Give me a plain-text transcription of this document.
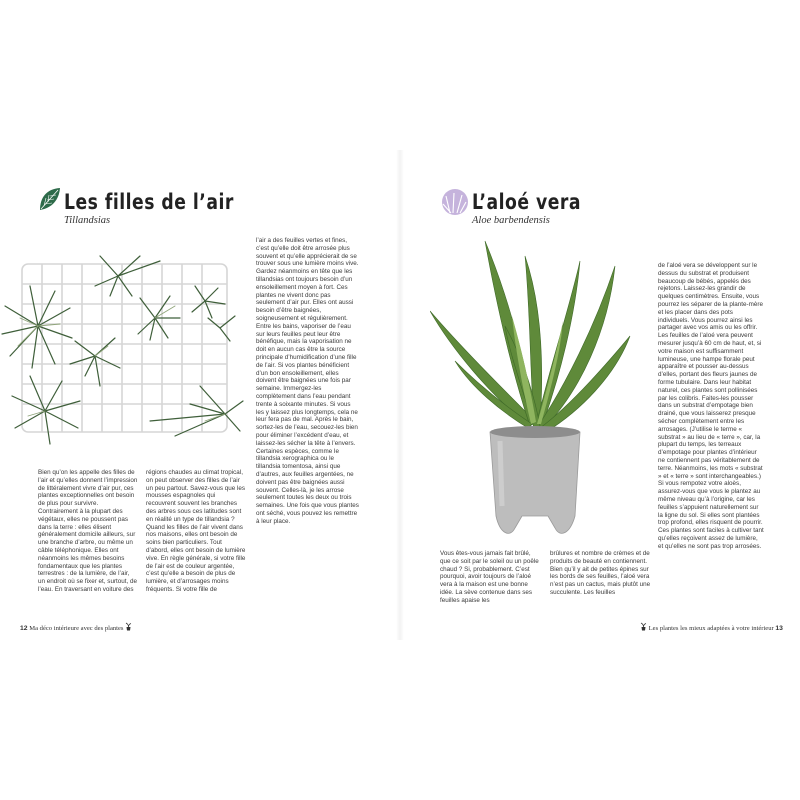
Les filles de l’air
Tillandsias

Bien qu’on les appelle des filles de l’air et qu’elles donnent l’impression de littéralement vivre d’air pur, ces plantes exceptionnelles ont besoin de plus pour survivre. Contrairement à la plupart des végétaux, elles ne poussent pas dans la terre : elles élisent généralement domicile ailleurs, sur une branche d’arbre, ou même un câble téléphonique. Elles ont néanmoins les mêmes besoins fondamentaux que les plantes terrestres : de la lumière, de l’air, un endroit où se fixer et, surtout, de l’eau. En traversant en voiture des

régions chaudes au climat tropical, on peut observer des filles de l’air un peu partout. Savez-vous que les mousses espagnoles qui recouvrent souvent les branches des arbres sous ces latitudes sont en réalité un type de tillandsia ? Quand les filles de l’air vivent dans nos maisons, elles ont besoin de soins bien particuliers. Tout d’abord, elles ont besoin de lumière vive. En règle générale, si votre fille de l’air est de couleur argentée, c’est qu’elle a besoin de plus de lumière, et d’arrosages moins fréquents. Si votre fille de

l’air a des feuilles vertes et fines, c’est qu’elle doit être arrosée plus souvent et qu’elle apprécierait de se trouver sous une lumière moins vive. Gardez néanmoins en tête que les tillandsias ont toujours besoin d’un ensoleillement moyen à fort. Ces plantes ne vivent donc pas seulement d’air pur. Elles ont aussi besoin d’être baignées, soigneusement et régulièrement. Entre les bains, vaporiser de l’eau sur leurs feuilles peut leur être bénéfique, mais la vaporisation ne doit en aucun cas être la source principale d’humidification d’une fille de l’air. Si vos plantes bénéficient d’un bon ensoleillement, elles doivent être baignées une fois par semaine. Immergez-les complètement dans l’eau pendant trente à soixante minutes. Si vous les y laissez plus longtemps, cela ne leur fera pas de mal. Après le bain, sortez-les de l’eau, secouez-les bien pour éliminer l’excédent d’eau, et laissez-les sécher la tête à l’envers. Certaines espèces, comme le tillandsia xerographica ou le tillandsia tomentosa, ainsi que d’autres, aux feuilles argentées, ne doivent pas être baignées aussi souvent. Celles-là, je les arrose seulement toutes les deux ou trois semaines. Une fois que vous plantes ont séché, vous pouvez les remettre à leur place.

12 Ma déco intérieure avec des plantes
L’aloé vera
Aloe barbendensis

Vous êtes-vous jamais fait brûlé, que ce soit par le soleil ou un poêle chaud ? Si, probablement. C’est pourquoi, avoir toujours de l’aloé vera à la maison est une bonne idée. La sève contenue dans ses feuilles apaise les

brûlures et nombre de crèmes et de produits de beauté en contiennent. Bien qu’il y ait de petites épines sur les bords de ses feuilles, l’aloé vera n’est pas un cactus, mais plutôt une succulente. Les feuilles

de l’aloé vera se développent sur le dessus du substrat et produisent beaucoup de bébés, appelés des rejetons. Laissez-les grandir de quelques centimètres. Ensuite, vous pourrez les séparer de la plante-mère et les placer dans des pots individuels. Vous pourrez ainsi les partager avec vos amis ou les offrir. Les feuilles de l’aloé vera peuvent mesurer jusqu’à 60 cm de haut, et, si votre maison est suffisamment lumineuse, une hampe florale peut apparaître et pousser au-dessus d’elles, portant des fleurs jaunes de forme tubulaire. Dans leur habitat naturel, ces plantes sont pollinisées par les colibris. Faites-les pousser dans un substrat d’empotage bien drainé, que vous laisserez presque sécher complètement entre les arrosages. (J’utilise le terme « substrat » au lieu de « terre », car, la plupart du temps, les terreaux d’empotage pour plantes d’intérieur ne contiennent pas véritablement de terre. Néanmoins, les mots « substrat » et « terre » sont interchangeables.) Si vous rempotez votre aloès, assurez-vous que vous le plantez au même niveau qu’à l’origine, car les feuilles s’appuient naturellement sur la ligne du sol. Si elles sont plantées trop profond, elles risquent de pourrir. Ces plantes sont faciles à cultiver tant qu’elles reçoivent assez de lumière, et qu’elles ne sont pas trop arrosées.

Les plantes les mieux adaptées à votre intérieur 13
